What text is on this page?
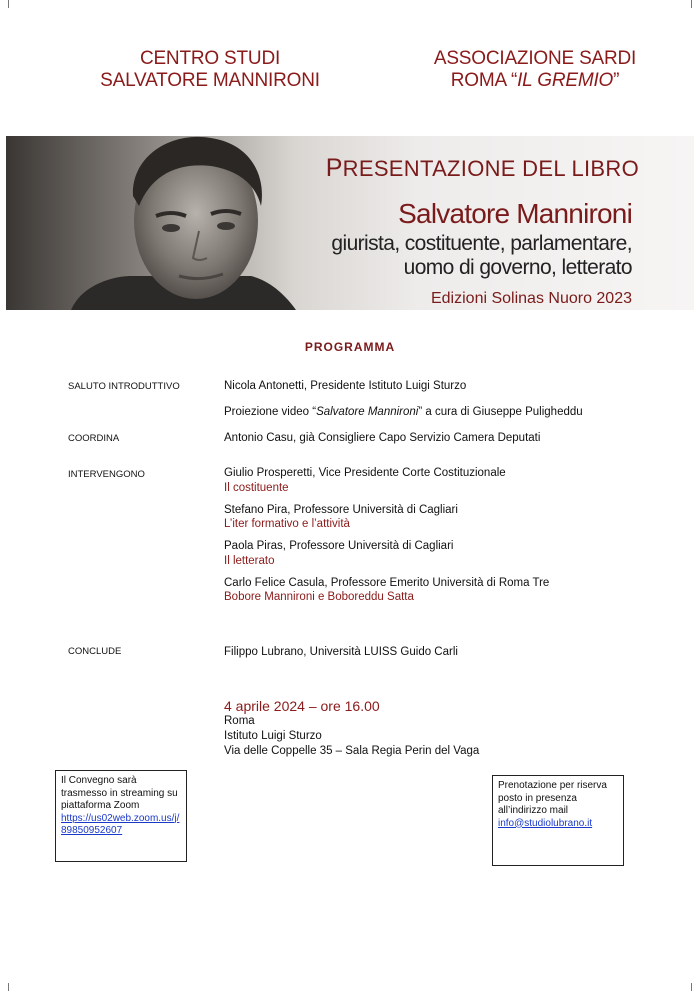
CENTRO STUDI
SALVATORE MANNIRONI
ASSOCIAZIONE SARDI
ROMA “IL GREMIO”
PRESENTAZIONE DEL LIBRO
Salvatore Mannironi
giurista, costituente, parlamentare,
uomo di governo, letterato
Edizioni Solinas Nuoro 2023
PROGRAMMA
SALUTO INTRODUTTIVO	Nicola Antonetti, Presidente Istituto Luigi Sturzo
Proiezione video “Salvatore Mannironi” a cura di Giuseppe Puligheddu
COORDINA	Antonio Casu, già Consigliere Capo Servizio Camera Deputati
INTERVENGONO	Giulio Prosperetti, Vice Presidente Corte Costituzionale
Il costituente
Stefano Pira, Professore Università di Cagliari
L’iter formativo e l’attività
Paola Piras, Professore Università di Cagliari
Il letterato
Carlo Felice Casula, Professore Emerito Università di Roma Tre
Bobore Mannironi e Boboreddu Satta
CONCLUDE	Filippo Lubrano, Università LUISS Guido Carli
4 aprile 2024 – ore 16.00
Roma
Istituto Luigi Sturzo
Via delle Coppelle 35 – Sala Regia Perin del Vaga
Il Convegno sarà
trasmesso in streaming su
piattaforma Zoom
https://us02web.zoom.us/j/
89850952607
Prenotazione per riserva
posto in presenza
all’indirizzo mail
info@studiolubrano.it
